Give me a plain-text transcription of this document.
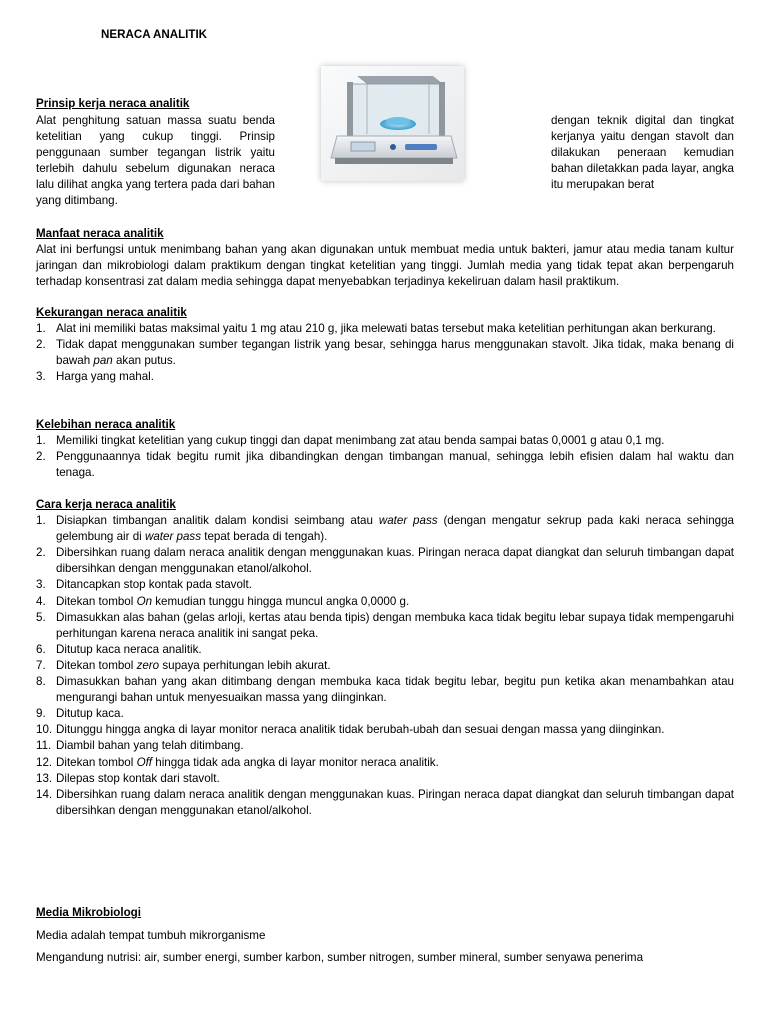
NERACA ANALITIK
Prinsip kerja neraca analitik

Alat penghitung satuan massa suatu benda ketelitian yang cukup tinggi. Prinsip penggunaan sumber tegangan listrik yaitu terlebih dahulu sebelum digunakan neraca lalu dilihat angka yang tertera pada dari bahan yang ditimbang.

dengan teknik digital dan tingkat kerjanya yaitu dengan stavolt dan dilakukan peneraan kemudian bahan diletakkan pada layar, angka itu merupakan berat

Manfaat neraca analitik

Alat ini berfungsi untuk menimbang bahan yang akan digunakan untuk membuat media untuk bakteri, jamur atau media tanam kultur jaringan dan mikrobiologi dalam praktikum dengan tingkat ketelitian yang tinggi. Jumlah media yang tidak tepat akan berpengaruh terhadap konsentrasi zat dalam media sehingga dapat menyebabkan terjadinya kekeliruan dalam hasil praktikum.

Kekurangan neraca analitik
1. Alat ini memiliki batas maksimal yaitu 1 mg atau 210 g, jika melewati batas tersebut maka ketelitian perhitungan akan berkurang.
2. Tidak dapat menggunakan sumber tegangan listrik yang besar, sehingga harus menggunakan stavolt. Jika tidak, maka benang di bawah pan akan putus.
3. Harga yang mahal.
Kelebihan neraca analitik
1. Memiliki tingkat ketelitian yang cukup tinggi dan dapat menimbang zat atau benda sampai batas 0,0001 g atau 0,1 mg.
2. Penggunaannya tidak begitu rumit jika dibandingkan dengan timbangan manual, sehingga lebih efisien dalam hal waktu dan tenaga.
Cara kerja neraca analitik
1. Disiapkan timbangan analitik dalam kondisi seimbang atau water pass (dengan mengatur sekrup pada kaki neraca sehingga gelembung air di water pass tepat berada di tengah).
2. Dibersihkan ruang dalam neraca analitik dengan menggunakan kuas. Piringan neraca dapat diangkat dan seluruh timbangan dapat dibersihkan dengan menggunakan etanol/alkohol.
3. Ditancapkan stop kontak pada stavolt.
4. Ditekan tombol On kemudian tunggu hingga muncul angka 0,0000 g.
5. Dimasukkan alas bahan (gelas arloji, kertas atau benda tipis) dengan membuka kaca tidak begitu lebar supaya tidak mempengaruhi perhitungan karena neraca analitik ini sangat peka.
6. Ditutup kaca neraca analitik.
7. Ditekan tombol zero supaya perhitungan lebih akurat.
8. Dimasukkan bahan yang akan ditimbang dengan membuka kaca tidak begitu lebar, begitu pun ketika akan menambahkan atau mengurangi bahan untuk menyesuaikan massa yang diinginkan.
9. Ditutup kaca.
10. Ditunggu hingga angka di layar monitor neraca analitik tidak berubah-ubah dan sesuai dengan massa yang diinginkan.
11. Diambil bahan yang telah ditimbang.
12. Ditekan tombol Off hingga tidak ada angka di layar monitor neraca analitik.
13. Dilepas stop kontak dari stavolt.
14. Dibersihkan ruang dalam neraca analitik dengan menggunakan kuas. Piringan neraca dapat diangkat dan seluruh timbangan dapat dibersihkan dengan menggunakan etanol/alkohol.
Media Mikrobiologi

Media adalah tempat tumbuh mikrorganisme

Mengandung nutrisi: air, sumber energi, sumber karbon, sumber nitrogen, sumber mineral, sumber senyawa penerima
